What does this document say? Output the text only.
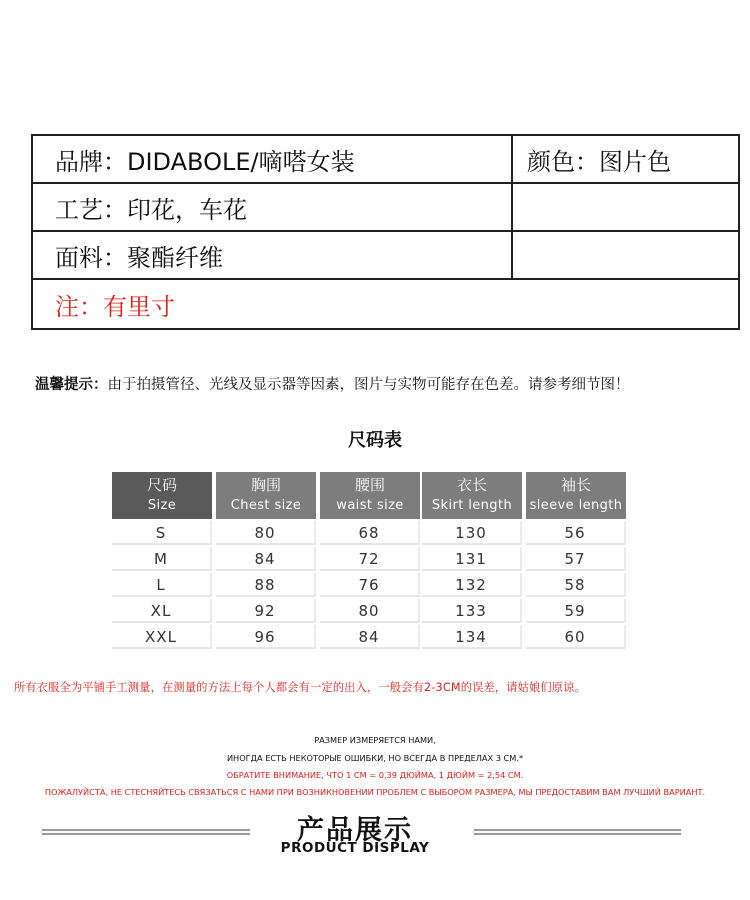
品牌：DIDABOLE/嘀嗒女装	颜色：图片色
工艺：印花，车花
面料：聚酯纤维
注：有里寸
温馨提示：由于拍摄管径、光线及显示器等因素，图片与实物可能存在色差。请参考细节图！
尺码表
尺码
Size
S
M
L
XL
XXL
胸围
Chest size
80
84
88
92
96
腰围
waist size
68
72
76
80
84
衣长
Skirt length
130
131
132
133
134
袖长
sleeve length
56
57
58
59
60
所有衣服全为平铺手工测量，在测量的方法上每个人都会有一定的出入，一般会有2-3CM的误差，请姑娘们原谅。
РАЗМЕР ИЗМЕРЯЕТСЯ НАМИ,
ИНОГДА ЕСТЬ НЕКОТОРЫЕ ОШИБКИ, НО ВСЕГДА В ПРЕДЕЛАХ 3 СМ.*
ОБРАТИТЕ ВНИМАНИЕ, ЧТО 1 СМ = 0,39 ДЮЙМА, 1 ДЮЙМ = 2,54 СМ.
ПОЖАЛУЙСТА, НЕ СТЕСНЯЙТЕСЬ СВЯЗАТЬСЯ С НАМИ ПРИ ВОЗНИКНОВЕНИИ ПРОБЛЕМ С ВЫБОРОМ РАЗМЕРА, МЫ ПРЕДОСТАВИМ ВАМ ЛУЧШИЙ ВАРИАНТ.
产品展示
PRODUCT DISPLAY
